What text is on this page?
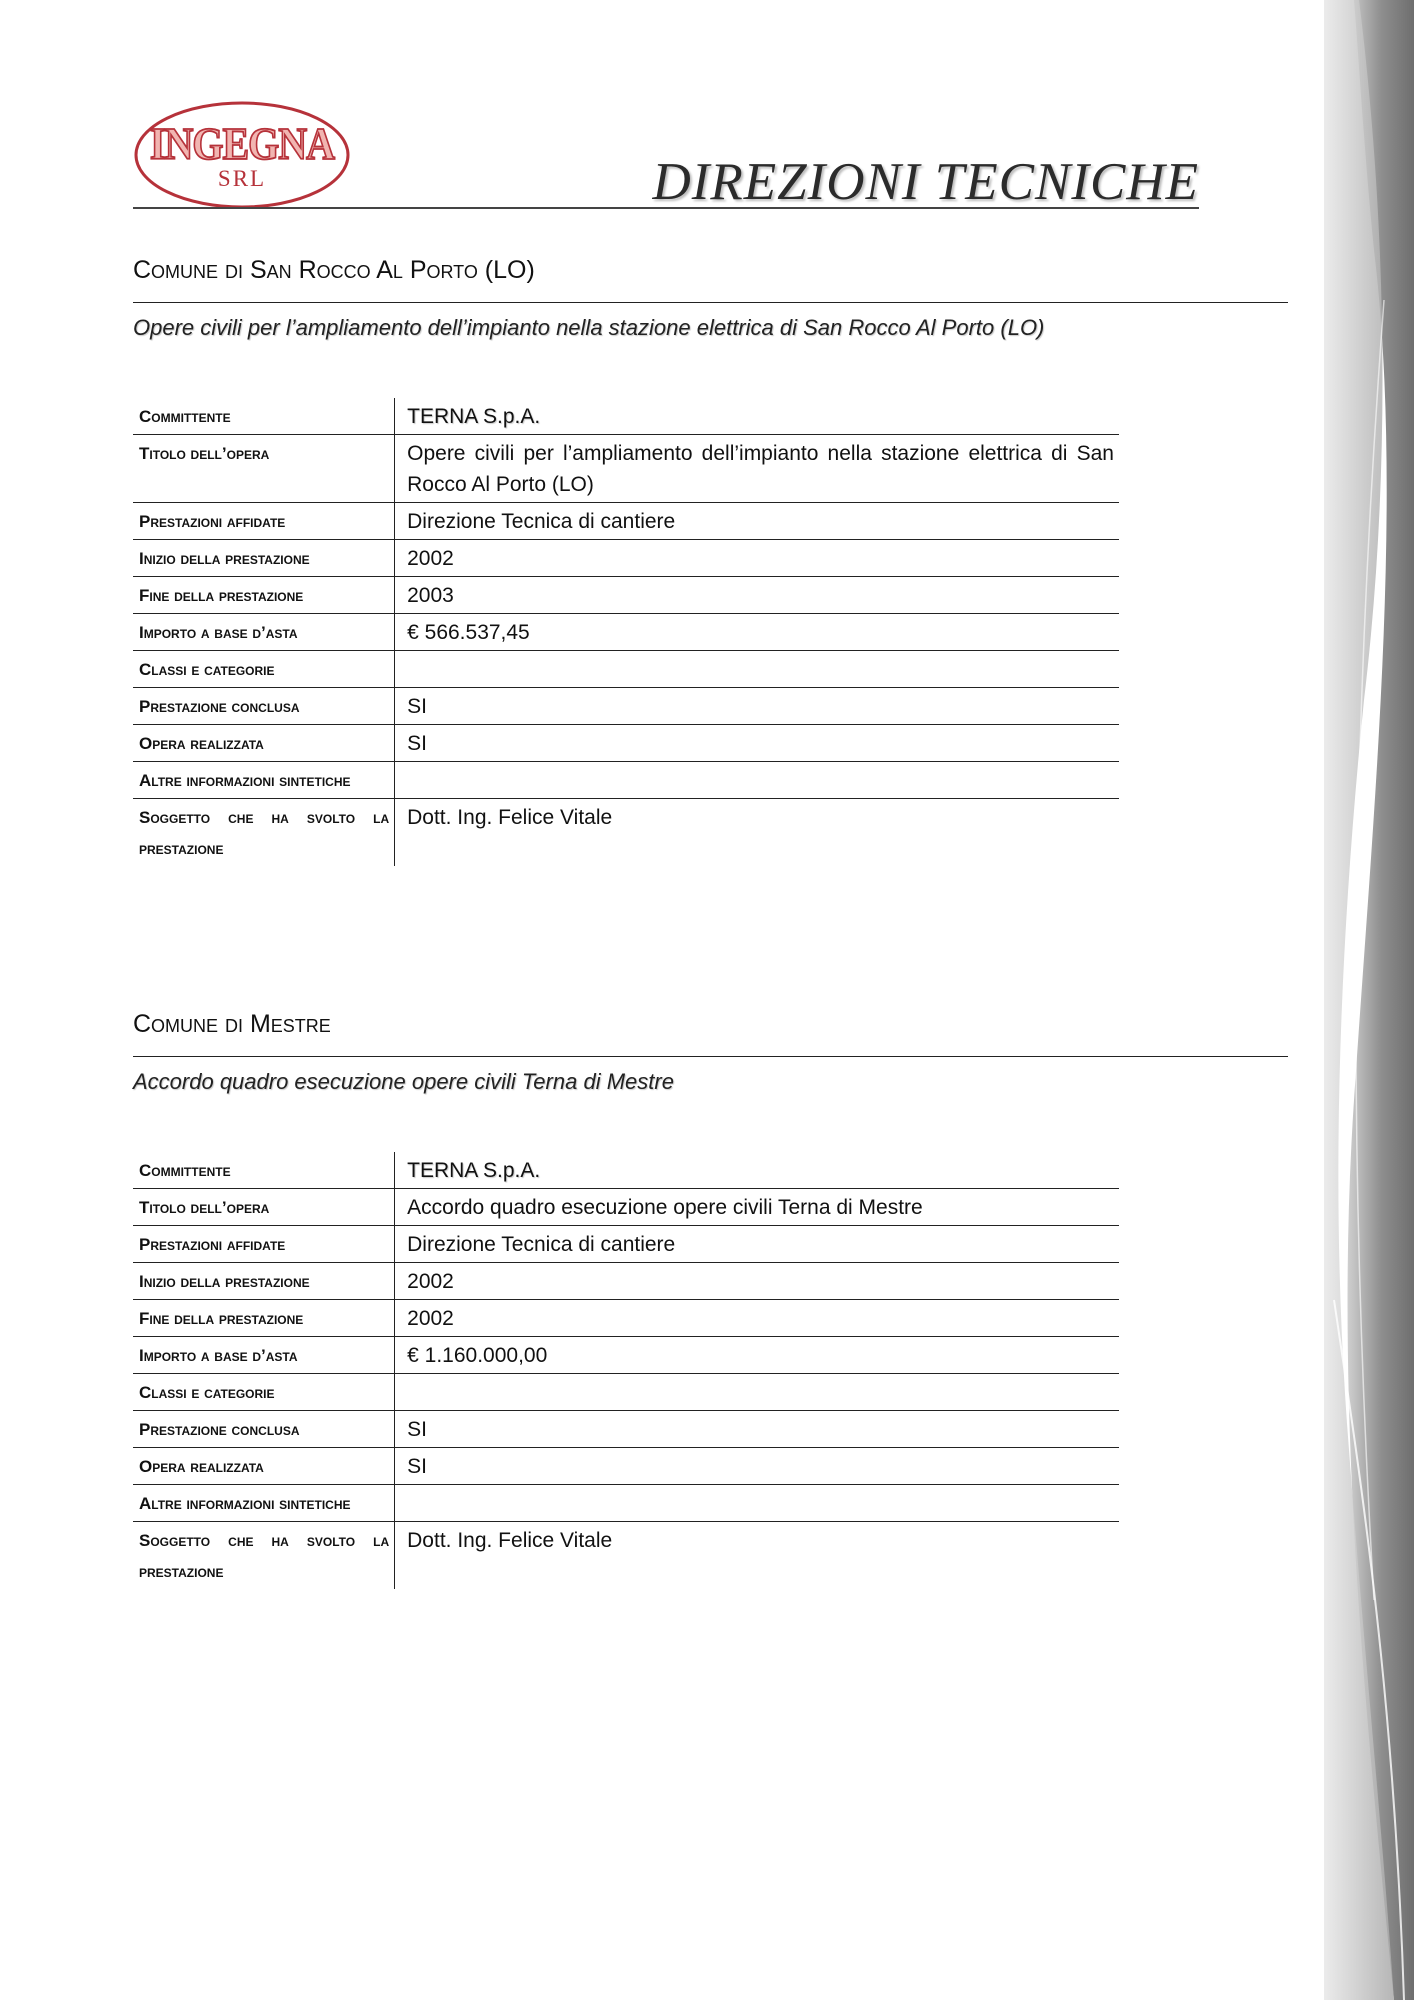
INGEGNA
SRL	DIREZIONI TECNICHE
Comune di San Rocco Al Porto (LO)
Opere civili per l’ampliamento dell’impianto nella stazione elettrica di San Rocco Al Porto (LO)
Committente	TERNA S.p.A.
Titolo dell’opera	Opere civili per l’ampliamento dell’impianto nella stazione elettrica di San Rocco Al Porto (LO)
Prestazioni affidate	Direzione Tecnica di cantiere
Inizio della prestazione	2002
Fine della prestazione	2003
Importo a base d’asta	€ 566.537,45
Classi e categorie	
Prestazione conclusa	SI
Opera realizzata	SI
Altre informazioni sintetiche	
Soggetto che ha svolto la prestazione	Dott. Ing. Felice Vitale
Comune di Mestre
Accordo quadro esecuzione opere civili Terna di Mestre
Committente	TERNA S.p.A.
Titolo dell’opera	Accordo quadro esecuzione opere civili Terna di Mestre
Prestazioni affidate	Direzione Tecnica di cantiere
Inizio della prestazione	2002
Fine della prestazione	2002
Importo a base d’asta	€ 1.160.000,00
Classi e categorie	
Prestazione conclusa	SI
Opera realizzata	SI
Altre informazioni sintetiche	
Soggetto che ha svolto la prestazione	Dott. Ing. Felice Vitale
